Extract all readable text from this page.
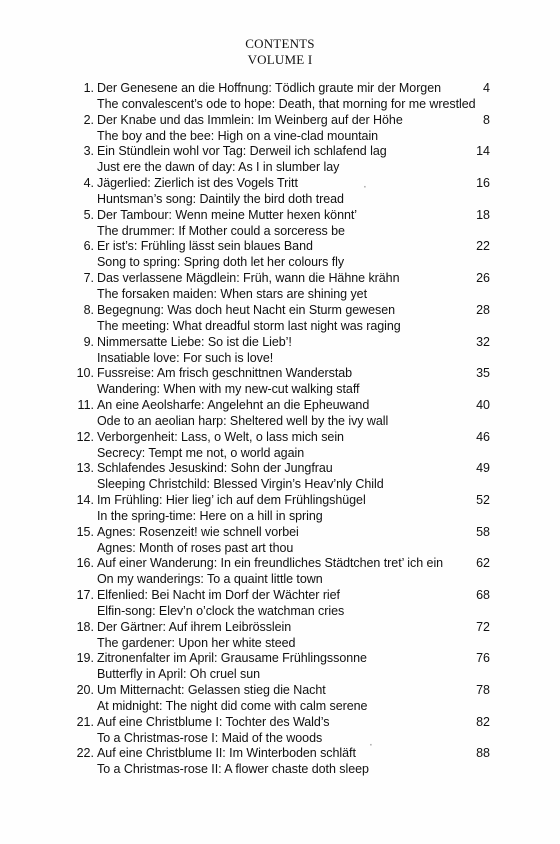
CONTENTS
VOLUME I
1. Der Genesene an die Hoffnung: Tödlich graute mir der Morgen
The convalescent’s ode to hope: Death, that morning for me wrestled
4
2. Der Knabe und das Immlein: Im Weinberg auf der Höhe
The boy and the bee: High on a vine-clad mountain
8
3. Ein Stündlein wohl vor Tag: Derweil ich schlafend lag
Just ere the dawn of day: As I in slumber lay
14
4. Jägerlied: Zierlich ist des Vogels Tritt
Huntsman’s song: Daintily the bird doth tread
16
5. Der Tambour: Wenn meine Mutter hexen könnt’
The drummer: If Mother could a sorceress be
18
6. Er ist’s: Frühling lässt sein blaues Band
Song to spring: Spring doth let her colours fly
22
7. Das verlassene Mägdlein: Früh, wann die Hähne krähn
The forsaken maiden: When stars are shining yet
26
8. Begegnung: Was doch heut Nacht ein Sturm gewesen
The meeting: What dreadful storm last night was raging
28
9. Nimmersatte Liebe: So ist die Lieb’!
Insatiable love: For such is love!
32
10. Fussreise: Am frisch geschnittnen Wanderstab
Wandering: When with my new-cut walking staff
35
11. An eine Aeolsharfe: Angelehnt an die Epheuwand
Ode to an aeolian harp: Sheltered well by the ivy wall
40
12. Verborgenheit: Lass, o Welt, o lass mich sein
Secrecy: Tempt me not, o world again
46
13. Schlafendes Jesuskind: Sohn der Jungfrau
Sleeping Christchild: Blessed Virgin’s Heav’nly Child
49
14. Im Frühling: Hier lieg’ ich auf dem Frühlingshügel
In the spring-time: Here on a hill in spring
52
15. Agnes: Rosenzeit! wie schnell vorbei
Agnes: Month of roses past art thou
58
16. Auf einer Wanderung: In ein freundliches Städtchen tret’ ich ein
On my wanderings: To a quaint little town
62
17. Elfenlied: Bei Nacht im Dorf der Wächter rief
Elfin-song: Elev’n o’clock the watchman cries
68
18. Der Gärtner: Auf ihrem Leibrösslein
The gardener: Upon her white steed
72
19. Zitronenfalter im April: Grausame Frühlingssonne
Butterfly in April: Oh cruel sun
76
20. Um Mitternacht: Gelassen stieg die Nacht
At midnight: The night did come with calm serene
78
21. Auf eine Christblume I: Tochter des Wald’s
To a Christmas-rose I: Maid of the woods
82
22. Auf eine Christblume II: Im Winterboden schläft
To a Christmas-rose II: A flower chaste doth sleep
88
·
·
